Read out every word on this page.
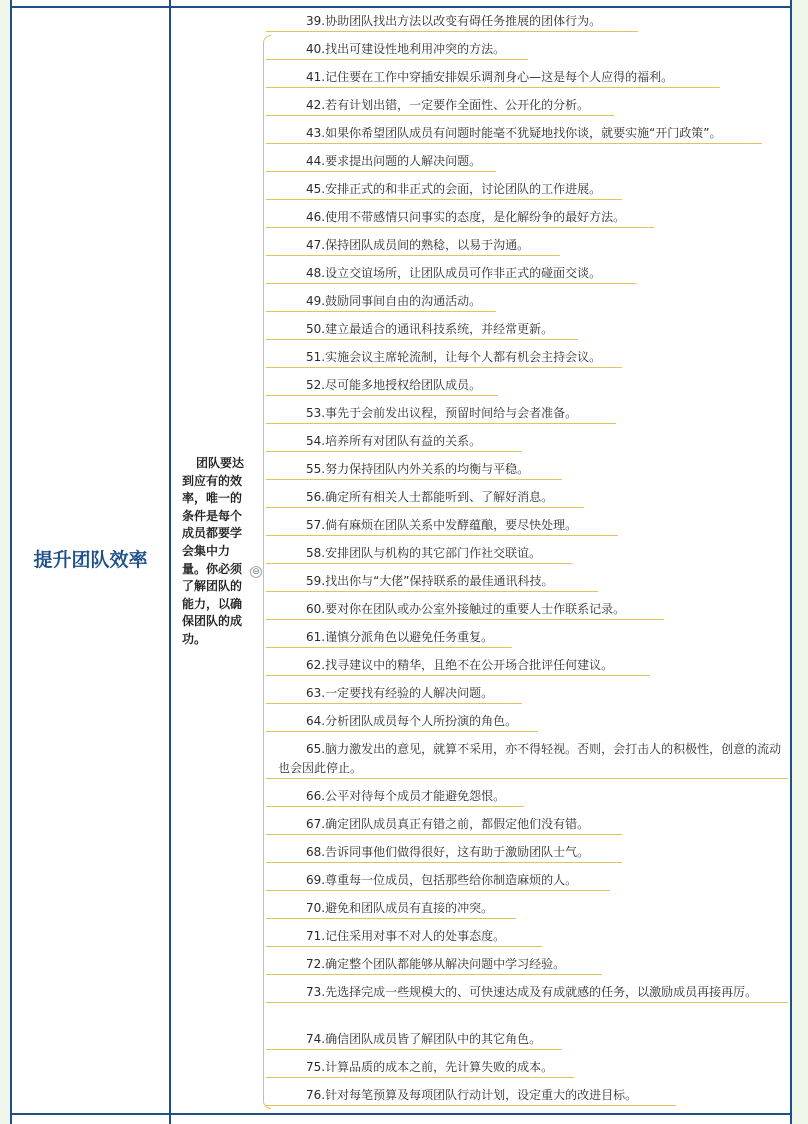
提升团队效率
团队要达到应有的效率，唯一的条件是每个成员都要学会集中力量。你必须了解团队的能力，以确保团队的成功。
⊖
39.协助团队找出方法以改变有碍任务推展的团体行为。
40.找出可建设性地利用冲突的方法。
41.记住要在工作中穿插安排娱乐调剂身心—这是每个人应得的福利。
42.若有计划出错，一定要作全面性、公开化的分析。
43.如果你希望团队成员有问题时能毫不犹疑地找你谈，就要实施“开门政策”。
44.要求提出问题的人解决问题。
45.安排正式的和非正式的会面，讨论团队的工作进展。
46.使用不带感情只问事实的态度，是化解纷争的最好方法。
47.保持团队成员间的熟稔，以易于沟通。
48.设立交谊场所，让团队成员可作非正式的碰面交谈。
49.鼓励同事间自由的沟通活动。
50.建立最适合的通讯科技系统，并经常更新。
51.实施会议主席轮流制，让每个人都有机会主持会议。
52.尽可能多地授权给团队成员。
53.事先于会前发出议程，预留时间给与会者准备。
54.培养所有对团队有益的关系。
55.努力保持团队内外关系的均衡与平稳。
56.确定所有相关人士都能听到、了解好消息。
57.倘有麻烦在团队关系中发酵蕴酿，要尽快处理。
58.安排团队与机构的其它部门作社交联谊。
59.找出你与“大佬”保持联系的最佳通讯科技。
60.要对你在团队或办公室外接触过的重要人士作联系记录。
61.谨慎分派角色以避免任务重复。
62.找寻建议中的精华，且绝不在公开场合批评任何建议。
63.一定要找有经验的人解决问题。
64.分析团队成员每个人所扮演的角色。
65.脑力激发出的意见，就算不采用，亦不得轻视。否则，会打击人的积极性，创意的流动也会因此停止。
66.公平对待每个成员才能避免怨恨。
67.确定团队成员真正有错之前，都假定他们没有错。
68.告诉同事他们做得很好，这有助于激励团队士气。
69.尊重每一位成员，包括那些给你制造麻烦的人。
70.避免和团队成员有直接的冲突。
71.记住采用对事不对人的处事态度。
72.确定整个团队都能够从解决问题中学习经验。
73.先选择完成一些规模大的、可快速达成及有成就感的任务，以激励成员再接再厉。
74.确信团队成员皆了解团队中的其它角色。
75.计算品质的成本之前，先计算失败的成本。
76.针对每笔预算及每项团队行动计划，设定重大的改进目标。
